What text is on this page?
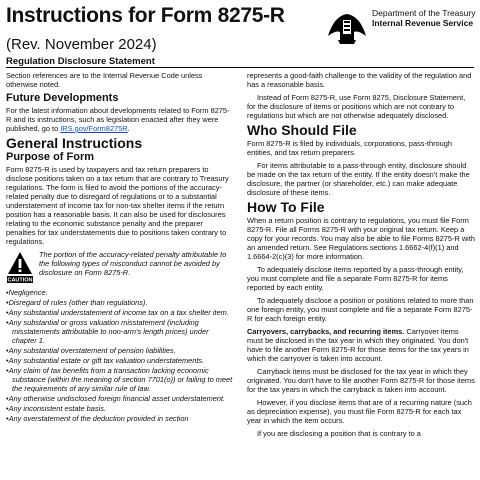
Instructions for Form 8275-R
(Rev. November 2024)
Regulation Disclosure Statement
Department of the Treasury
Internal Revenue Service

Section references are to the Internal Revenue Code unless otherwise noted.

Future Developments

For the latest information about developments related to Form 8275-R and its instructions, such as legislation enacted after they were published, go to IRS.gov/Form8275R.

General Instructions
Purpose of Form

Form 8275-R is used by taxpayers and tax return preparers to disclose positions taken on a tax return that are contrary to Treasury regulations. The form is filed to avoid the portions of the accuracy-related penalty due to disregard of regulations or to a substantial understatement of income tax for non-tax shelter items if the return position has a reasonable basis. It can also be used for disclosures relating to the economic substance penalty and the preparer penalties for tax understatements due to positions taken contrary to regulations.

CAUTION
The portion of the accuracy-related penalty attributable to the following types of misconduct cannot be avoided by disclosure on Form 8275-R.
• Negligence.
• Disregard of rules (other than regulations).
• Any substantial understatement of income tax on a tax shelter item.
• Any substantial or gross valuation misstatement (including misstatements attributable to non-arm's length prices) under chapter 1.
• Any substantial overstatement of pension liabilities.
• Any substantial estate or gift tax valuation understatements.
• Any claim of tax benefits from a transaction lacking economic substance (within the meaning of section 7701(o)) or failing to meet the requirements of any similar rule of law.
• Any otherwise undisclosed foreign financial asset understatement.
• Any inconsistent estate basis.
• Any overstatement of the deduction provided in section

represents a good-faith challenge to the validity of the regulation and has a reasonable basis.

Instead of Form 8275-R, use Form 8275, Disclosure Statement, for the disclosure of items or positions which are not contrary to regulations but which are not otherwise adequately disclosed.

Who Should File

Form 8275-R is filed by individuals, corporations, pass-through entities, and tax return preparers.

For items attributable to a pass-through entity, disclosure should be made on the tax return of the entity. If the entity doesn't make the disclosure, the partner (or shareholder, etc.) can make adequate disclosure of these items.

How To File

When a return position is contrary to regulations, you must file Form 8275-R. File all Forms 8275-R with your original tax return. Keep a copy for your records. You may also be able to file Forms 8275-R with an amended return. See Regulations sections 1.6662-4(f)(1) and 1.6664-2(c)(3) for more information.

To adequately disclose items reported by a pass-through entity, you must complete and file a separate Form 8275-R for items reported by each entity.

To adequately disclose a position or positions related to more than one foreign entity, you must complete and file a separate Form 8275-R for each foreign entity.

Carryovers, carrybacks, and recurring items. Carryover items must be disclosed in the tax year in which they originated. You don't have to file another Form 8275-R for those items for the tax years in which the carryover is taken into account.

Carryback items must be disclosed for the tax year in which they originated. You don't have to file another Form 8275-R for those items for the tax years in which the carryback is taken into account.

However, if you disclose items that are of a recurring nature (such as depreciation expense), you must file Form 8275-R for each tax year in which the item occurs.

If you are disclosing a position that is contrary to a
